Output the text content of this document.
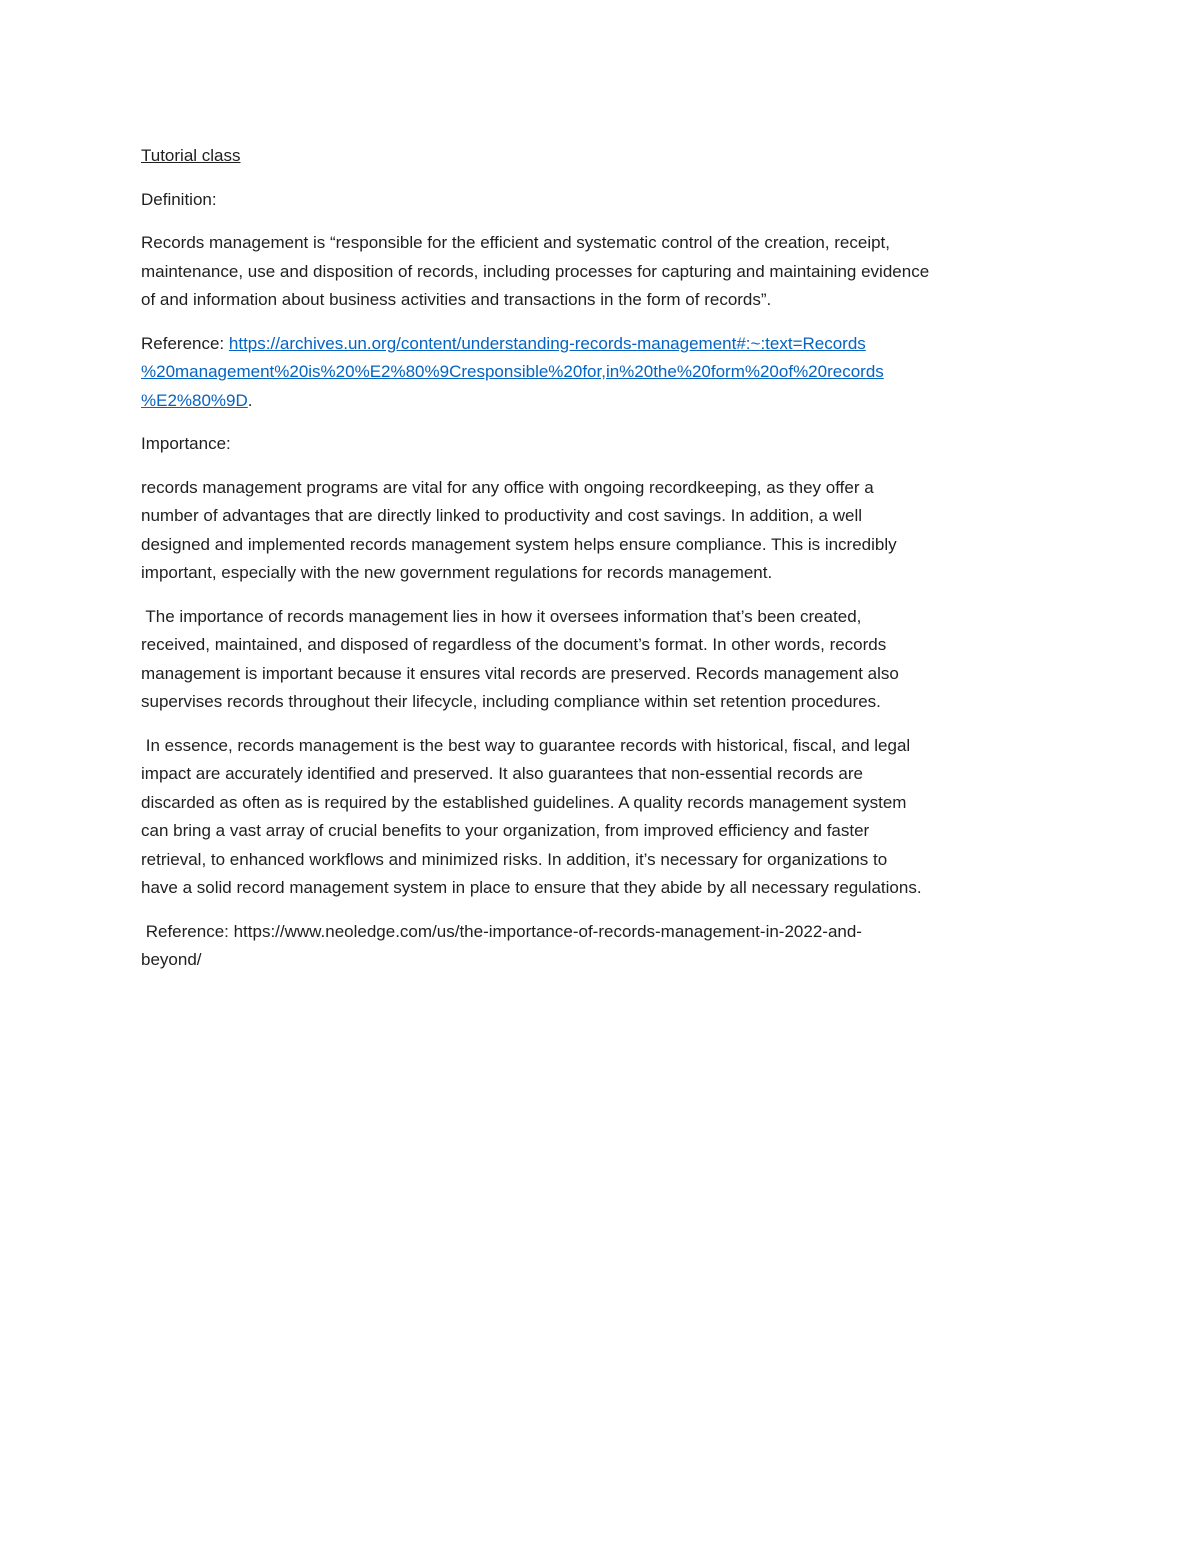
Tutorial class
Definition:
Records management is “responsible for the efficient and systematic control of the creation, receipt,
maintenance, use and disposition of records, including processes for capturing and maintaining evidence
of and information about business activities and transactions in the form of records”.
Reference: https://archives.un.org/content/understanding-records-management#:~:text=Records
%20management%20is%20%E2%80%9Cresponsible%20for,in%20the%20form%20of%20records
%E2%80%9D.
Importance:
records management programs are vital for any office with ongoing recordkeeping, as they offer a
number of advantages that are directly linked to productivity and cost savings. In addition, a well
designed and implemented records management system helps ensure compliance. This is incredibly
important, especially with the new government regulations for records management.
The importance of records management lies in how it oversees information that’s been created,
received, maintained, and disposed of regardless of the document’s format. In other words, records
management is important because it ensures vital records are preserved. Records management also
supervises records throughout their lifecycle, including compliance within set retention procedures.
In essence, records management is the best way to guarantee records with historical, fiscal, and legal
impact are accurately identified and preserved. It also guarantees that non-essential records are
discarded as often as is required by the established guidelines. A quality records management system
can bring a vast array of crucial benefits to your organization, from improved efficiency and faster
retrieval, to enhanced workflows and minimized risks. In addition, it’s necessary for organizations to
have a solid record management system in place to ensure that they abide by all necessary regulations.
Reference: https://www.neoledge.com/us/the-importance-of-records-management-in-2022-and-
beyond/
